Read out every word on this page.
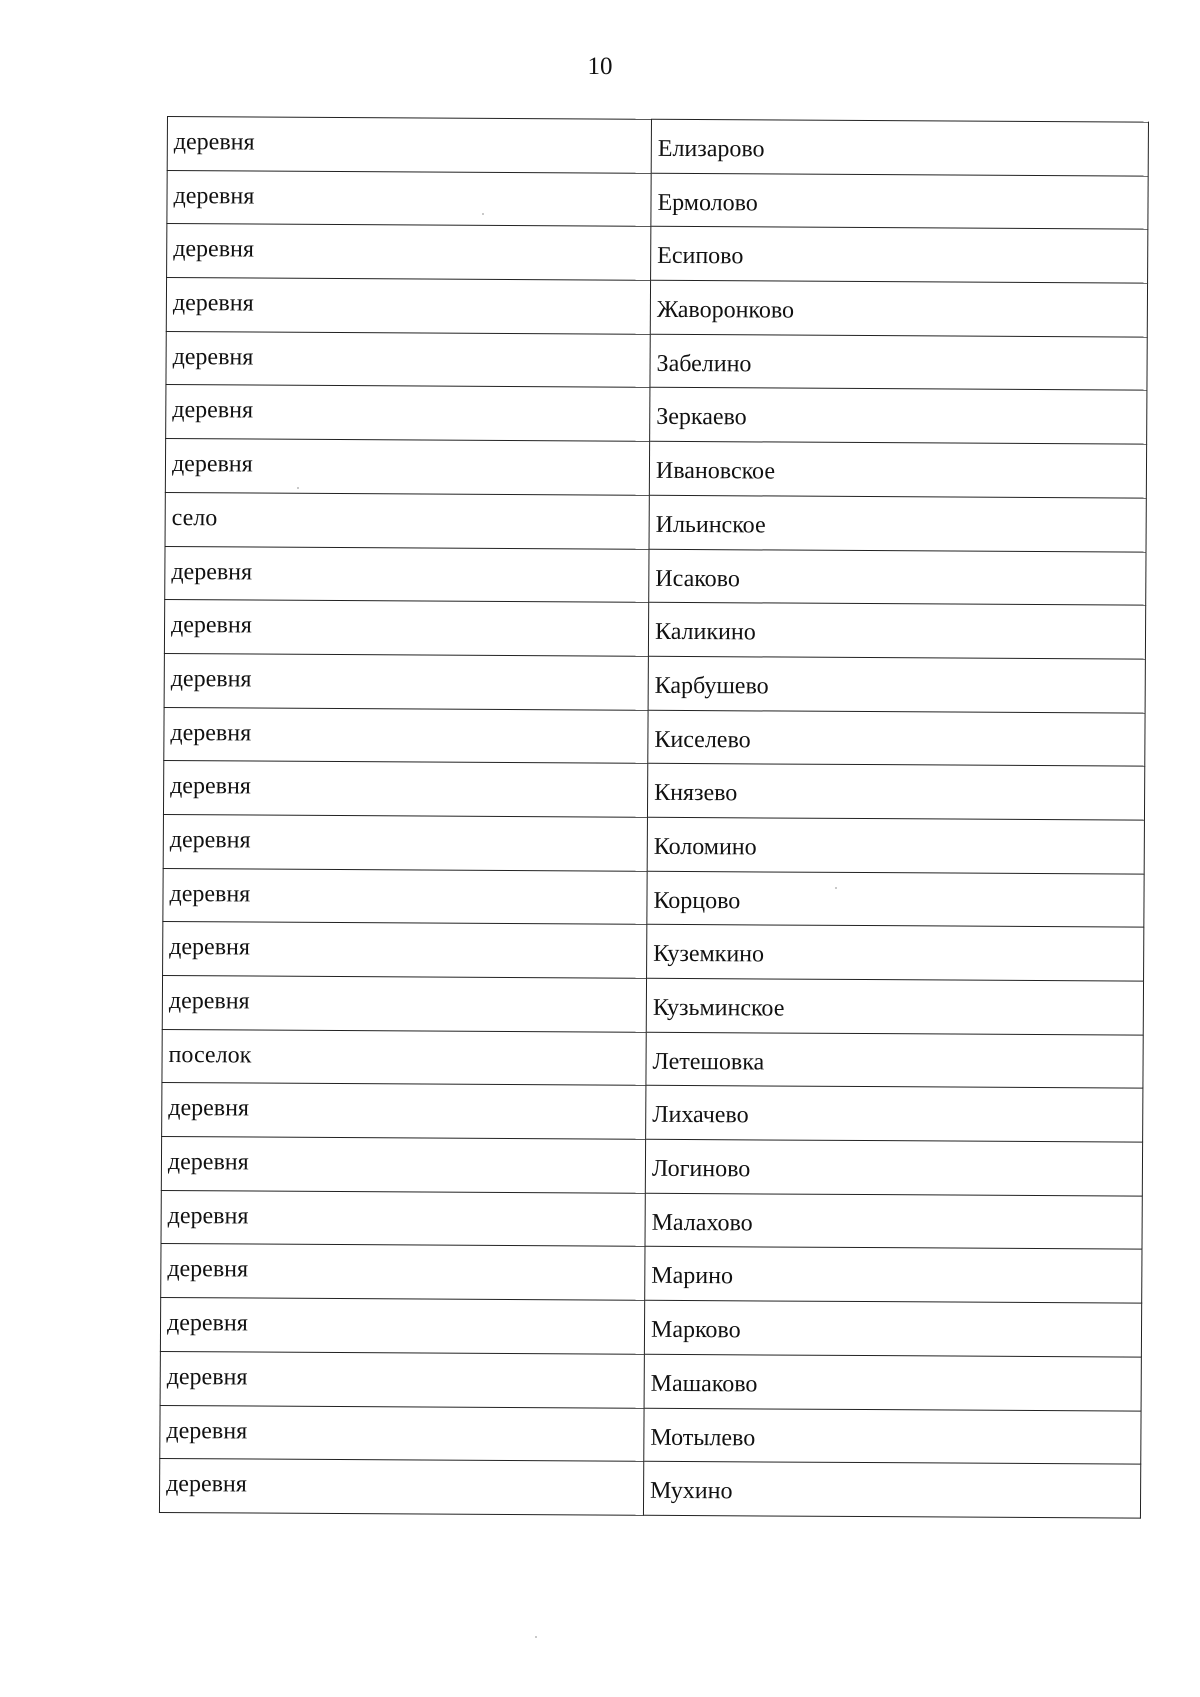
10
деревня	Елизарово
деревня	Ермолово
деревня	Есипово
деревня	Жаворонково
деревня	Забелино
деревня	Зеркаево
деревня	Ивановское
село	Ильинское
деревня	Исаково
деревня	Каликино
деревня	Карбушево
деревня	Киселево
деревня	Князево
деревня	Коломино
деревня	Корцово
деревня	Куземкино
деревня	Кузьминское
поселок	Летешовка
деревня	Лихачево
деревня	Логиново
деревня	Малахово
деревня	Марино
деревня	Марково
деревня	Машаково
деревня	Мотылево
деревня	Мухино
